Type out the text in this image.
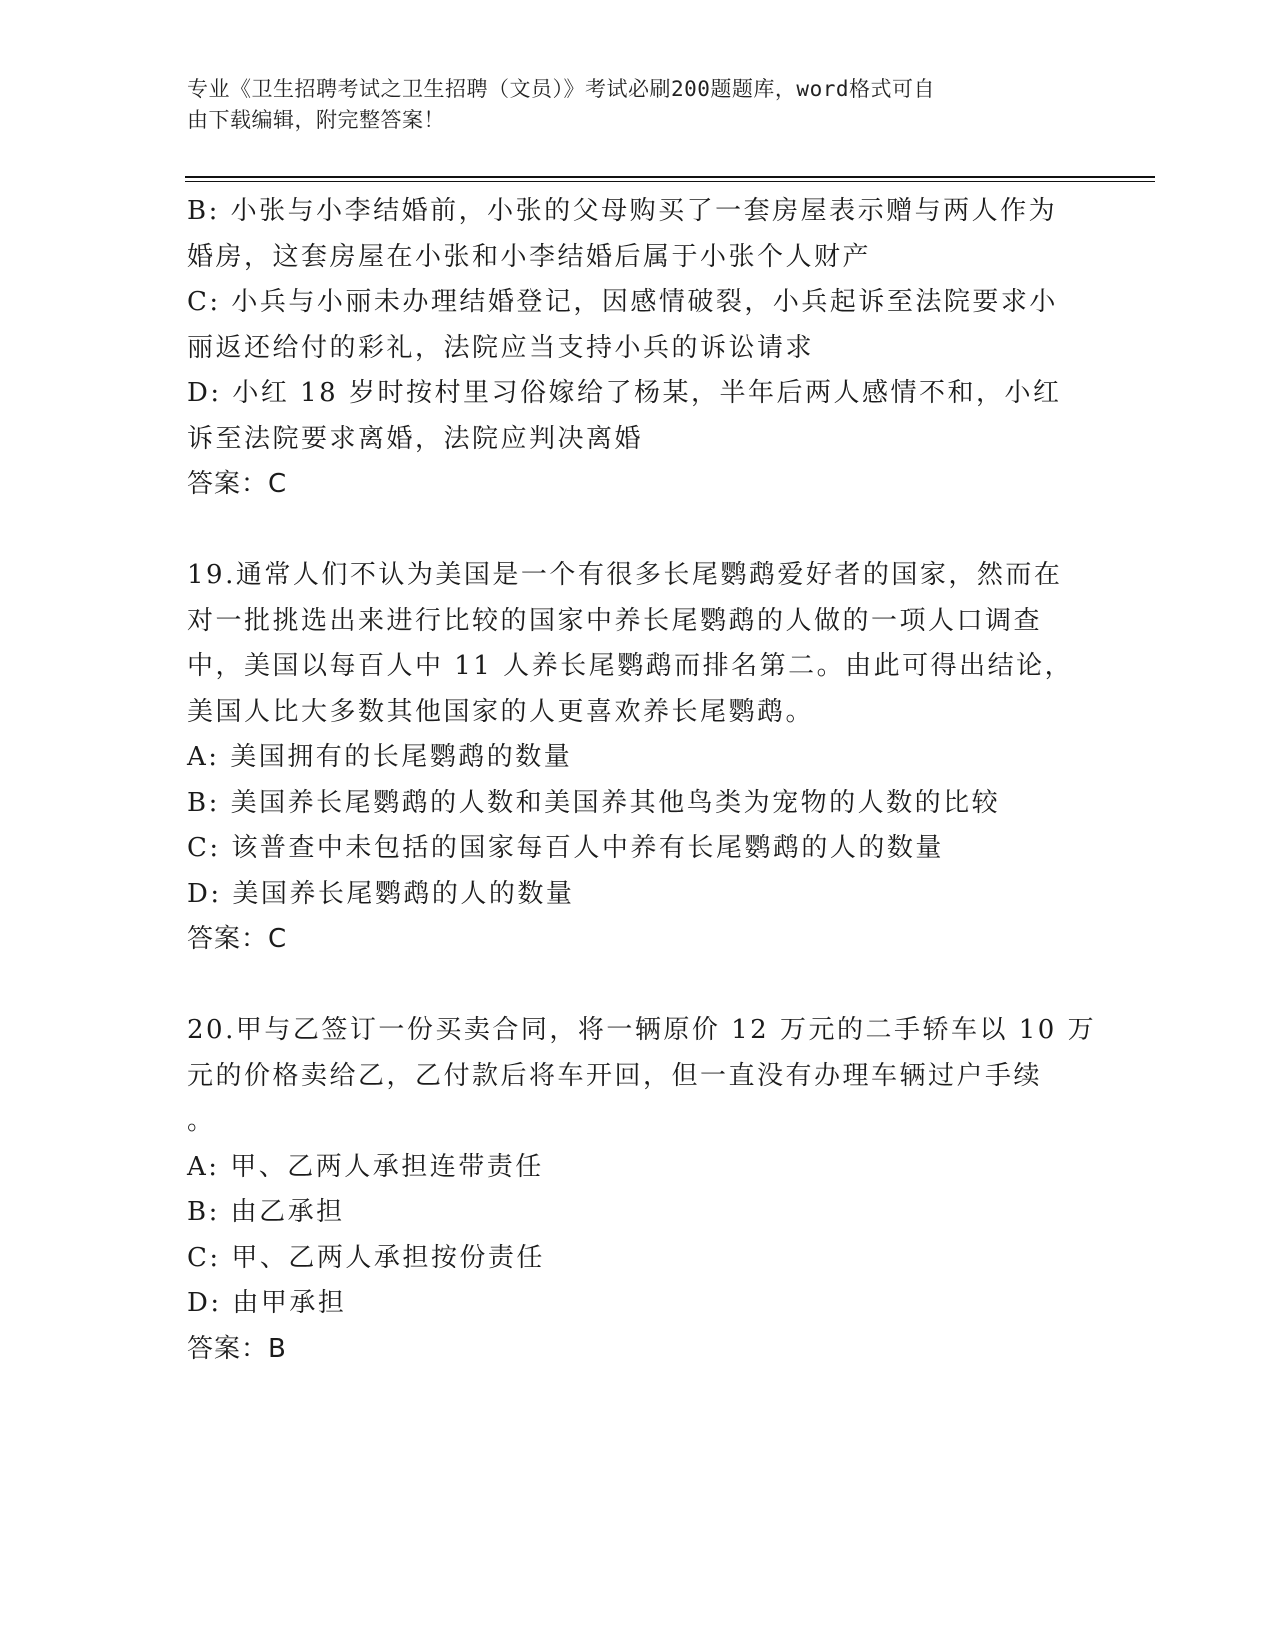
专业《卫生招聘考试之卫生招聘（文员）》考试必刷200题题库，word格式可自
由下载编辑，附完整答案！
B: 小张与小李结婚前，小张的父母购买了一套房屋表示赠与两人作为
婚房，这套房屋在小张和小李结婚后属于小张个人财产
C: 小兵与小丽未办理结婚登记，因感情破裂，小兵起诉至法院要求小
丽返还给付的彩礼，法院应当支持小兵的诉讼请求
D: 小红 18 岁时按村里习俗嫁给了杨某，半年后两人感情不和，小红
诉至法院要求离婚，法院应判决离婚
答案：C
19.通常人们不认为美国是一个有很多长尾鹦鹉爱好者的国家，然而在
对一批挑选出来进行比较的国家中养长尾鹦鹉的人做的一项人口调查
中，美国以每百人中 11 人养长尾鹦鹉而排名第二。由此可得出结论，
美国人比大多数其他国家的人更喜欢养长尾鹦鹉。
A: 美国拥有的长尾鹦鹉的数量
B: 美国养长尾鹦鹉的人数和美国养其他鸟类为宠物的人数的比较
C: 该普查中未包括的国家每百人中养有长尾鹦鹉的人的数量
D: 美国养长尾鹦鹉的人的数量
答案：C
20.甲与乙签订一份买卖合同，将一辆原价 12 万元的二手轿车以 10 万
元的价格卖给乙，乙付款后将车开回，但一直没有办理车辆过户手续
。
A: 甲、乙两人承担连带责任
B: 由乙承担
C: 甲、乙两人承担按份责任
D: 由甲承担
答案：B
